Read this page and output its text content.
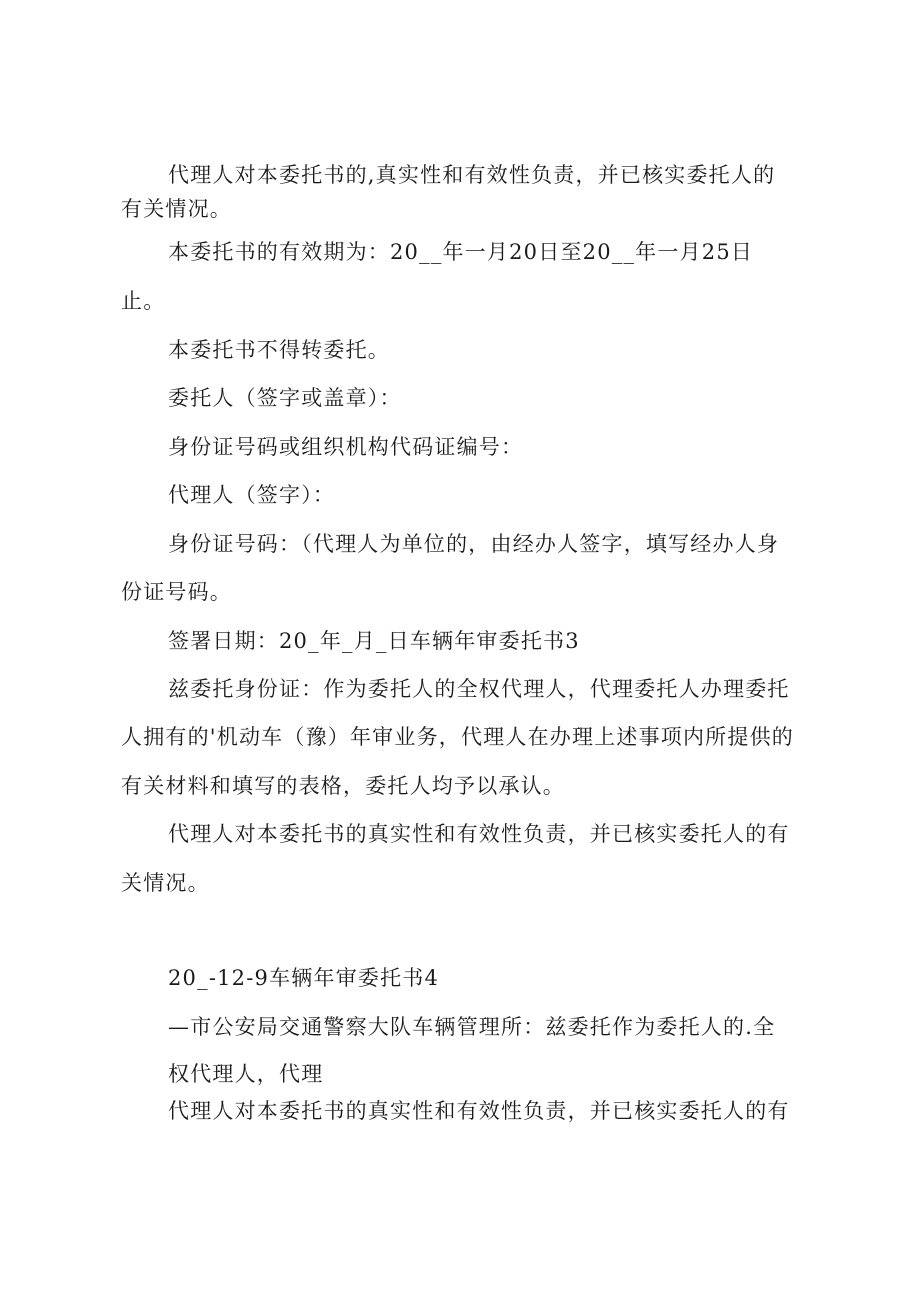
代理人对本委托书的,真实性和有效性负责，并已核实委托人的
有关情况。
本委托书的有效期为：20__年一月20日至20__年一月25日
止。
本委托书不得转委托。
委托人（签字或盖章）：
身份证号码或组织机构代码证编号：
代理人（签字）：
身份证号码：（代理人为单位的，由经办人签字，填写经办人身
份证号码。
签署日期：20_年_月_日车辆年审委托书3
兹委托身份证：作为委托人的全权代理人，代理委托人办理委托
人拥有的'机动车（豫）年审业务，代理人在办理上述事项内所提供的
有关材料和填写的表格，委托人均予以承认。
代理人对本委托书的真实性和有效性负责，并已核实委托人的有
关情况。
20_-12-9车辆年审委托书4
—市公安局交通警察大队车辆管理所：兹委托作为委托人的.全
权代理人，代理
代理人对本委托书的真实性和有效性负责，并已核实委托人的有
